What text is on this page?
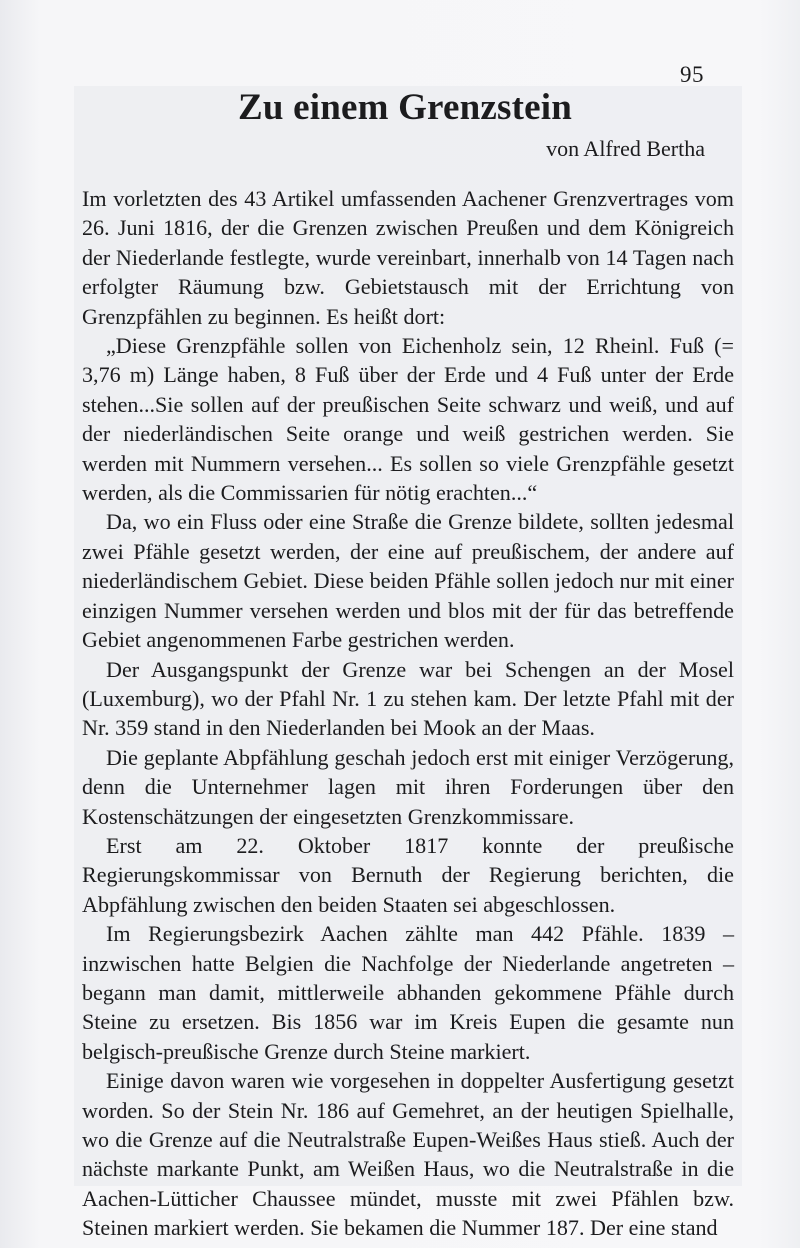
95
Zu einem Grenzstein
von Alfred Bertha

Im vorletzten des 43 Artikel umfassenden Aachener Grenzvertrages vom 26. Juni 1816, der die Grenzen zwischen Preußen und dem Königreich der Niederlande festlegte, wurde vereinbart, innerhalb von 14 Tagen nach erfolgter Räumung bzw. Gebietstausch mit der Errichtung von Grenzpfählen zu beginnen. Es heißt dort:

„Diese Grenzpfähle sollen von Eichenholz sein, 12 Rheinl. Fuß (= 3,76 m) Länge haben, 8 Fuß über der Erde und 4 Fuß unter der Erde stehen...Sie sollen auf der preußischen Seite schwarz und weiß, und auf der niederländischen Seite orange und weiß gestrichen werden. Sie werden mit Nummern versehen... Es sollen so viele Grenzpfähle gesetzt werden, als die Commissarien für nötig erachten...“

Da, wo ein Fluss oder eine Straße die Grenze bildete, sollten jedesmal zwei Pfähle gesetzt werden, der eine auf preußischem, der andere auf niederländischem Gebiet. Diese beiden Pfähle sollen jedoch nur mit einer einzigen Nummer versehen werden und blos mit der für das betreffende Gebiet angenommenen Farbe gestrichen werden.

Der Ausgangspunkt der Grenze war bei Schengen an der Mosel (Luxemburg), wo der Pfahl Nr. 1 zu stehen kam. Der letzte Pfahl mit der Nr. 359 stand in den Niederlanden bei Mook an der Maas.

Die geplante Abpfählung geschah jedoch erst mit einiger Verzögerung, denn die Unternehmer lagen mit ihren Forderungen über den Kostenschätzungen der eingesetzten Grenzkommissare.

Erst am 22. Oktober 1817 konnte der preußische Regierungskommissar von Bernuth der Regierung berichten, die Abpfählung zwischen den beiden Staaten sei abgeschlossen.

Im Regierungsbezirk Aachen zählte man 442 Pfähle. 1839 – inzwischen hatte Belgien die Nachfolge der Niederlande angetreten – begann man damit, mittlerweile abhanden gekommene Pfähle durch Steine zu ersetzen. Bis 1856 war im Kreis Eupen die gesamte nun belgisch-preußische Grenze durch Steine markiert.

Einige davon waren wie vorgesehen in doppelter Ausfertigung gesetzt worden. So der Stein Nr. 186 auf Gemehret, an der heutigen Spielhalle, wo die Grenze auf die Neutralstraße Eupen-Weißes Haus stieß. Auch der nächste markante Punkt, am Weißen Haus, wo die Neutralstraße in die Aachen-Lütticher Chaussee mündet, musste mit zwei Pfählen bzw. Steinen markiert werden. Sie bekamen die Nummer 187. Der eine stand
